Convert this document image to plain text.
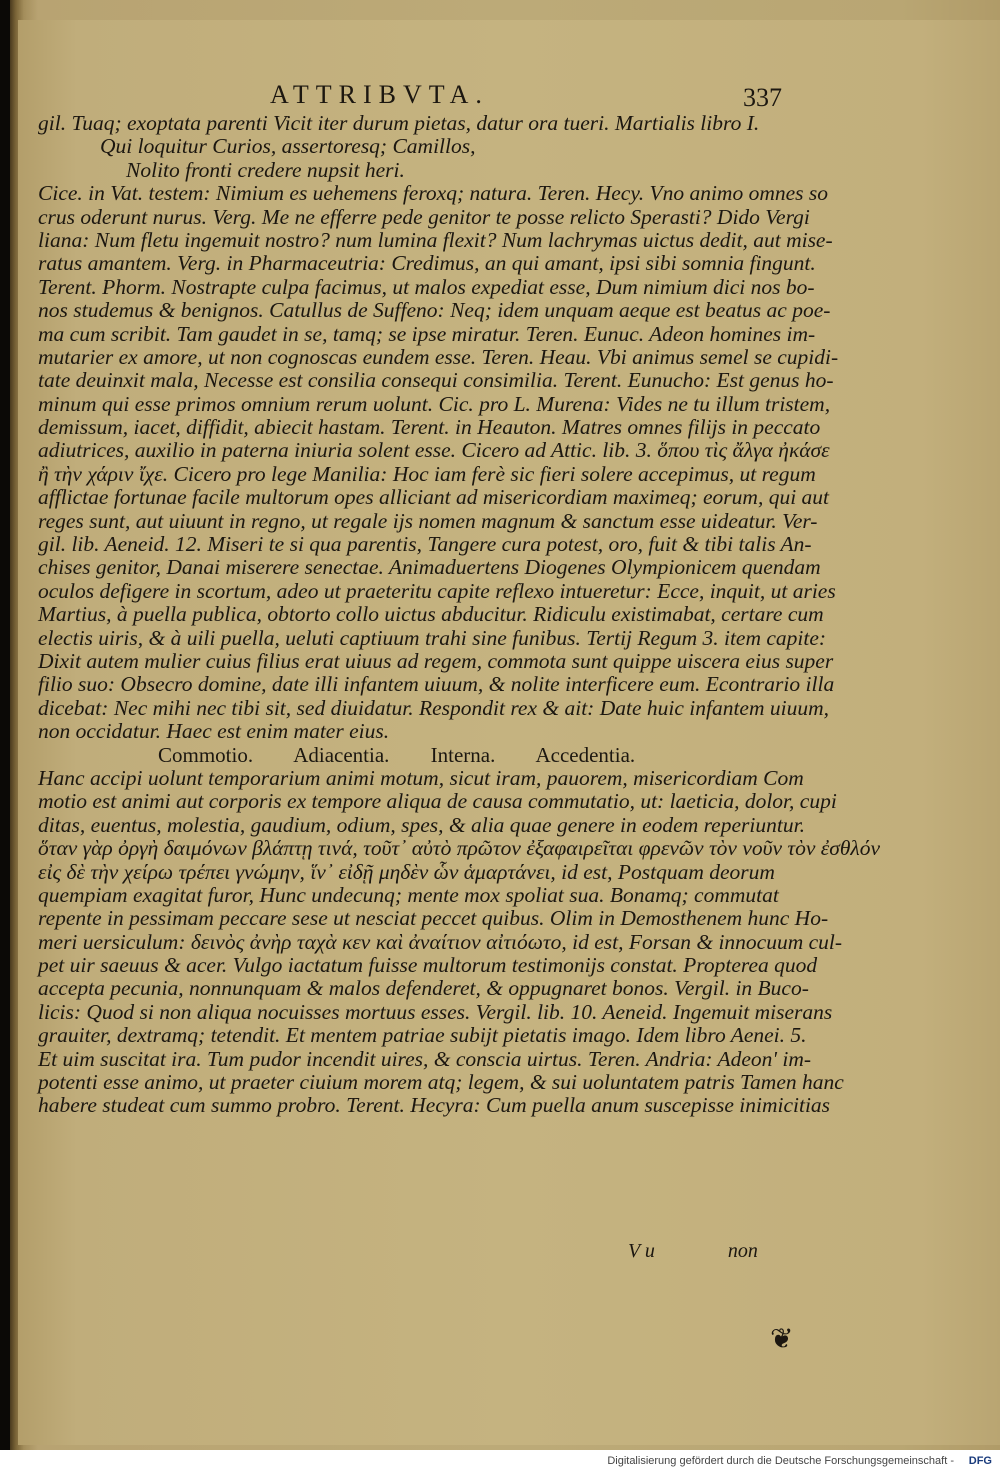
ATTRIBVTA.	337
gil. Tuaq; exoptata parenti Vicit iter durum pietas, datur ora tueri. Martialis libro I.
Qui loquitur Curios, assertoresq; Camillos,
Nolito fronti credere nupsit heri.
Cice. in Vat. testem: Nimium es uehemens feroxq; natura. Teren. Hecy. Vno animo omnes so
crus oderunt nurus. Verg. Me ne efferre pede genitor te posse relicto Sperasti? Dido Vergi
liana: Num fletu ingemuit nostro? num lumina flexit? Num lachrymas uictus dedit, aut mise-
ratus amantem. Verg. in Pharmaceutria: Credimus, an qui amant, ipsi sibi somnia fingunt.
Terent. Phorm. Nostrapte culpa facimus, ut malos expediat esse, Dum nimium dici nos bo-
nos studemus & benignos. Catullus de Suffeno: Neq; idem unquam aeque est beatus ac poe-
ma cum scribit. Tam gaudet in se, tamq; se ipse miratur. Teren. Eunuc. Adeon homines im-
mutarier ex amore, ut non cognoscas eundem esse. Teren. Heau. Vbi animus semel se cupidi-
tate deuinxit mala, Necesse est consilia consequi consimilia. Terent. Eunucho: Est genus ho-
minum qui esse primos omnium rerum uolunt. Cic. pro L. Murena: Vides ne tu illum tristem,
demissum, iacet, diffidit, abiecit hastam. Terent. in Heauton. Matres omnes filijs in peccato
adiutrices, auxilio in paterna iniuria solent esse. Cicero ad Attic. lib. 3. ὅπου τὶς ἄλγα ἠκάσε
ἢ τὴν χάριν ἴχε. Cicero pro lege Manilia: Hoc iam ferè sic fieri solere accepimus, ut regum
afflictae fortunae facile multorum opes alliciant ad misericordiam maximeq; eorum, qui aut
reges sunt, aut uiuunt in regno, ut regale ijs nomen magnum & sanctum esse uideatur. Ver-
gil. lib. Aeneid. 12. Miseri te si qua parentis, Tangere cura potest, oro, fuit & tibi talis An-
chises genitor, Danai miserere senectae. Animaduertens Diogenes Olympionicem quendam
oculos defigere in scortum, adeo ut praeteritu capite reflexo intueretur: Ecce, inquit, ut aries
Martius, à puella publica, obtorto collo uictus abducitur. Ridiculu existimabat, certare cum
electis uiris, & à uili puella, ueluti captiuum trahi sine funibus. Tertij Regum 3. item capite:
Dixit autem mulier cuius filius erat uiuus ad regem, commota sunt quippe uiscera eius super
filio suo: Obsecro domine, date illi infantem uiuum, & nolite interficere eum. Econtrario illa
dicebat: Nec mihi nec tibi sit, sed diuidatur. Respondit rex & ait: Date huic infantem uiuum,
non occidatur. Haec est enim mater eius.
Commotio. Adiacentia. Interna. Accedentia.
Hanc accipi uolunt temporarium animi motum, sicut iram, pauorem, misericordiam Com
motio est animi aut corporis ex tempore aliqua de causa commutatio, ut: laeticia, dolor, cupi
ditas, euentus, molestia, gaudium, odium, spes, & alia quae genere in eodem reperiuntur.
ὅταν γὰρ ὀργὴ δαιμόνων βλάπτῃ τινά, τοῦτ᾽ αὐτὸ πρῶτον ἐξαφαιρεῖται φρενῶν τὸν νοῦν τὸν ἐσθλόν
εἰς δὲ τὴν χείρω τρέπει γνώμην, ἵν᾽ εἰδῇ μηδὲν ὧν ἁμαρτάνει, id est, Postquam deorum
quempiam exagitat furor, Hunc undecunq; mente mox spoliat sua. Bonamq; commutat
repente in pessimam peccare sese ut nesciat peccet quibus. Olim in Demosthenem hunc Ho-
meri uersiculum: δεινὸς ἀνὴρ ταχὰ κεν καὶ ἀναίτιον αἰτιόωτο, id est, Forsan & innocuum cul-
pet uir saeuus & acer. Vulgo iactatum fuisse multorum testimonijs constat. Propterea quod
accepta pecunia, nonnunquam & malos defenderet, & oppugnaret bonos. Vergil. in Buco-
licis: Quod si non aliqua nocuisses mortuus esses. Vergil. lib. 10. Aeneid. Ingemuit miserans
grauiter, dextramq; tetendit. Et mentem patriae subijt pietatis imago. Idem libro Aenei. 5.
Et uim suscitat ira. Tum pudor incendit uires, & conscia uirtus. Teren. Andria: Adeon' im-
potenti esse animo, ut praeter ciuium morem atq; legem, & sui uoluntatem patris Tamen hanc
habere studeat cum summo probro. Terent. Hecyra: Cum puella anum suscepisse inimicitias
V u	non
❦
Digitalisierung gefördert durch die Deutsche Forschungsgemeinschaft - DFG
